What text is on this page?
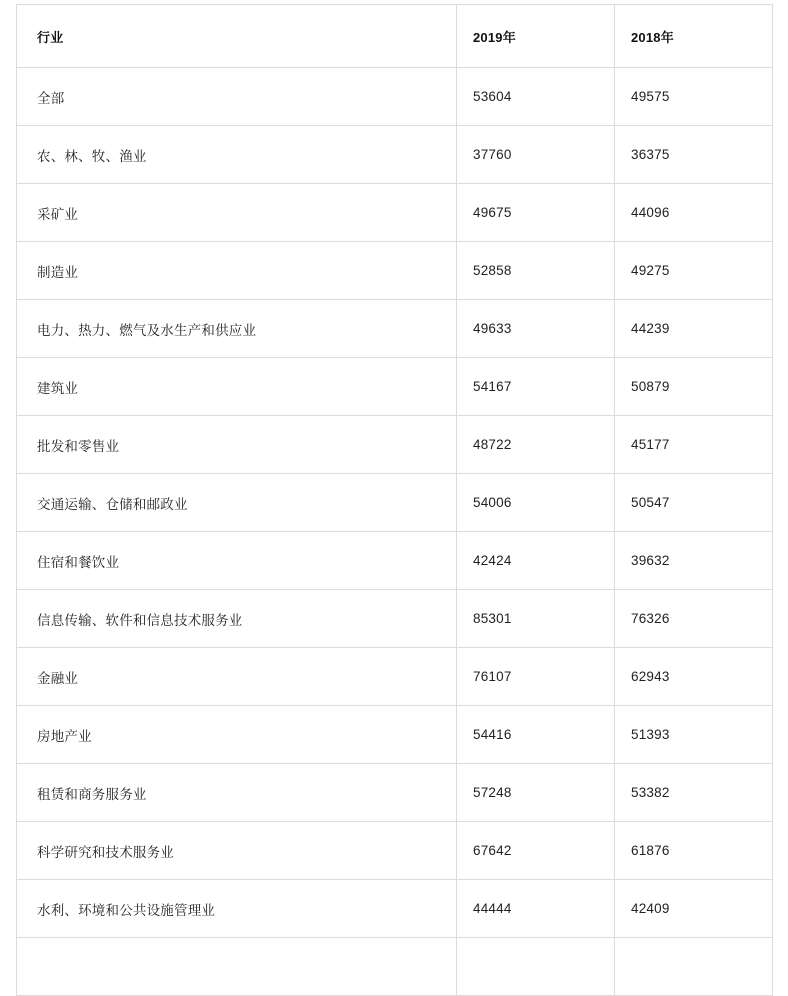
行业	2019年	2018年
全部	53604	49575
农、林、牧、渔业	37760	36375
采矿业	49675	44096
制造业	52858	49275
电力、热力、燃气及水生产和供应业	49633	44239
建筑业	54167	50879
批发和零售业	48722	45177
交通运输、仓储和邮政业	54006	50547
住宿和餐饮业	42424	39632
信息传输、软件和信息技术服务业	85301	76326
金融业	76107	62943
房地产业	54416	51393
租赁和商务服务业	57248	53382
科学研究和技术服务业	67642	61876
水利、环境和公共设施管理业	44444	42409
